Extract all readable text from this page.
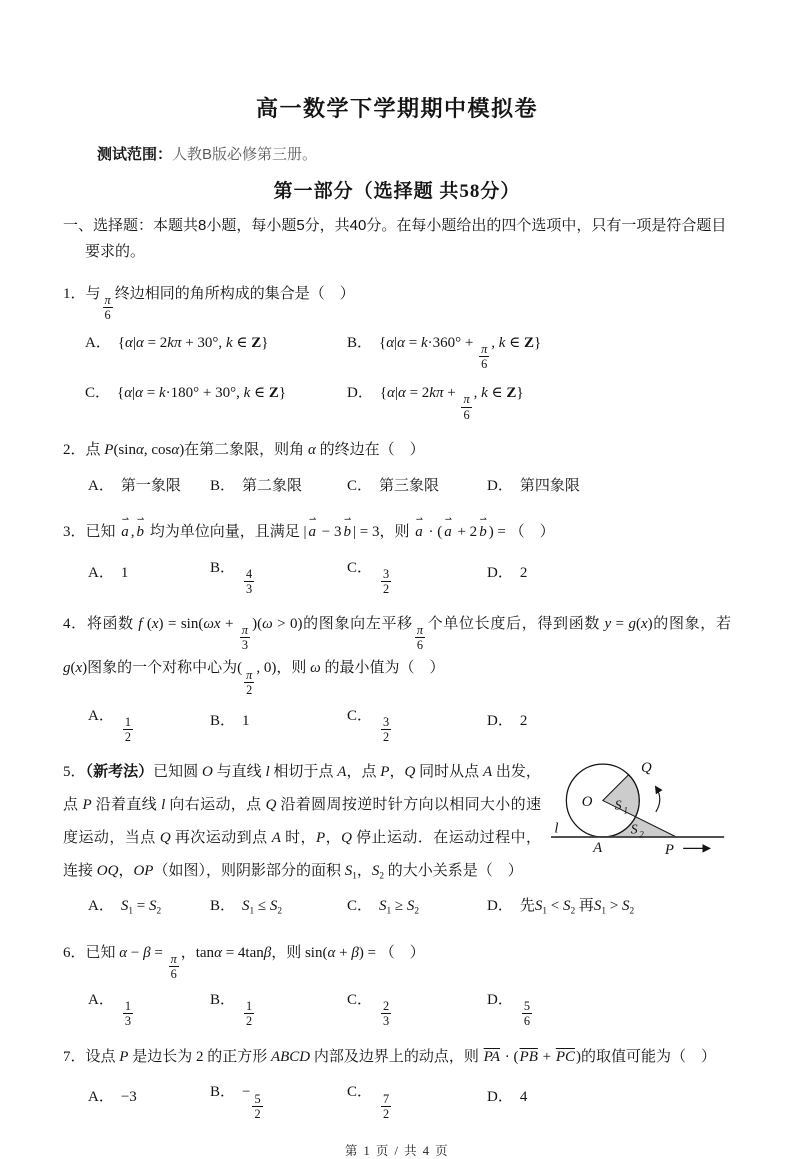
高一数学下学期期中模拟卷

测试范围：人教B版必修第三册。

第一部分（选择题 共58分）

一、选择题：本题共8小题，每小题5分，共40分。在每小题给出的四个选项中，只有一项是符合题目要求的。

1．与 $\frac{\pi}{6}$ 终边相同的角所构成的集合是（　）
A． {α|α = 2kπ + 30°, k ∈ Z}	B． {$\alpha|\alpha = k\cdot 360^\circ + \frac{\pi}{6}$ , k ∈ Z}
C． {α|α = k·180° + 30°, k ∈ Z}	D． {$\alpha|\alpha = 2k\pi + \frac{\pi}{6}$ , k ∈ Z}
2．点 P(sinα, cosα)在第二象限，则角 α 的终边在（　）
A． 第一象限	B． 第二象限	C． 第三象限	D． 第四象限
3．已知 a ⇀ , b ⇀ 均为单位向量，且满足 | a ⇀ − 3 b ⇀ | = 3，则 a ⇀ · ( a ⇀ + 2 b ⇀ ) = （　）
A． 1	B． $\frac{4}{3}$	C． $\frac{3}{2}$	D． 2
4．将函数 f $(x) = \sin(\omega x + \frac{\pi}{3} )(\omega > 0)$的图象向左平移 $\frac{\pi}{6}$ 个单位长度后，得到函数 y = g(x)的图象，若 g(x)图象的一个对称中心为( $\frac{\pi}{2}$ , 0)，则 ω 的最小值为（　）
A． $\frac{1}{2}$	B． 1	C． $\frac{3}{2}$	D． 2
O
Q
A	P
l
S 1
S 2
5．（新考法）已知圆 O 与直线 l 相切于点 A，点 P，Q 同时从点 A 出发，点 P 沿着直线 l 向右运动，点 Q 沿着圆周按逆时针方向以相同大小的速度运动，当点 Q 再次运动到点 A 时，P，Q 停止运动．在运动过程中，连接 OQ，OP（如图），则阴影部分的面积 $S_1$，$S_2$ 的大小关系是（　）
A． $S_1 = S_2$	B． $S_1 \le S_2$	C． $S_1 \ge S_2$	D． 先$S_1 < S_2$ 再$S_1 > S_2$
6．已知 $\alpha - \beta = \frac{\pi}{6}$ ，tanα = 4tanβ，则 sin(α + β) = （　）
A． $\frac{1}{3}$	B． $\frac{1}{2}$	C． $\frac{2}{3}$	D． $\frac{5}{6}$
7．设点 P 是边长为 2 的正方形 ABCD 内部及边界上的动点，则 $\overline{PA} \cdot (\overline{PB} + \overline{PC})$的取值可能为（　）
A． −3	B． − $\frac{5}{2}$	C． $\frac{7}{2}$	D． 4
第 1 页 / 共 4 页
